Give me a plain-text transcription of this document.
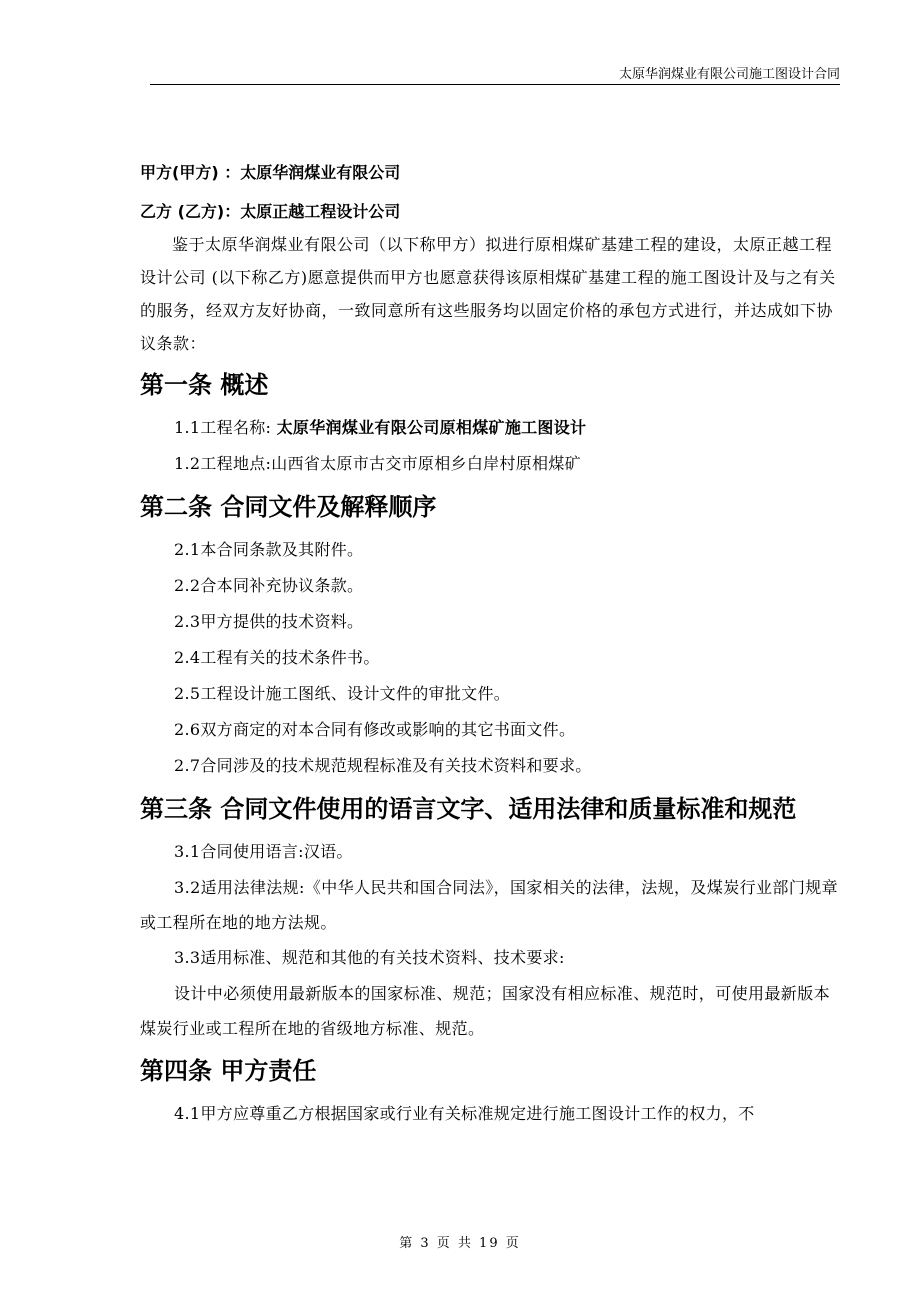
太原华润煤业有限公司施工图设计合同
甲方(甲方) ：太原华润煤业有限公司
乙方 (乙方)：太原正越工程设计公司

鉴于太原华润煤业有限公司（以下称甲方）拟进行原相煤矿基建工程的建设，太原正越工程设计公司 (以下称乙方)愿意提供而甲方也愿意获得该原相煤矿基建工程的施工图设计及与之有关的服务，经双方友好协商，一致同意所有这些服务均以固定价格的承包方式进行，并达成如下协议条款：

第一条 概述

1.1工程名称: 太原华润煤业有限公司原相煤矿施工图设计

1.2工程地点:山西省太原市古交市原相乡白岸村原相煤矿

第二条 合同文件及解释顺序

2.1本合同条款及其附件。

2.2合本同补充协议条款。

2.3甲方提供的技术资料。

2.4工程有关的技术条件书。

2.5工程设计施工图纸、设计文件的审批文件。

2.6双方商定的对本合同有修改或影响的其它书面文件。

2.7合同涉及的技术规范规程标准及有关技术资料和要求。

第三条 合同文件使用的语言文字、适用法律和质量标准和规范

3.1合同使用语言:汉语。

3.2适用法律法规:《中华人民共和国合同法》，国家相关的法律，法规，及煤炭行业部门规章或工程所在地的地方法规。

3.3适用标准、规范和其他的有关技术资料、技术要求:

设计中必须使用最新版本的国家标准、规范；国家没有相应标准、规范时，可使用最新版本煤炭行业或工程所在地的省级地方标准、规范。

第四条 甲方责任

4.1甲方应尊重乙方根据国家或行业有关标准规定进行施工图设计工作的权力，不

第 3 页 共 19 页
